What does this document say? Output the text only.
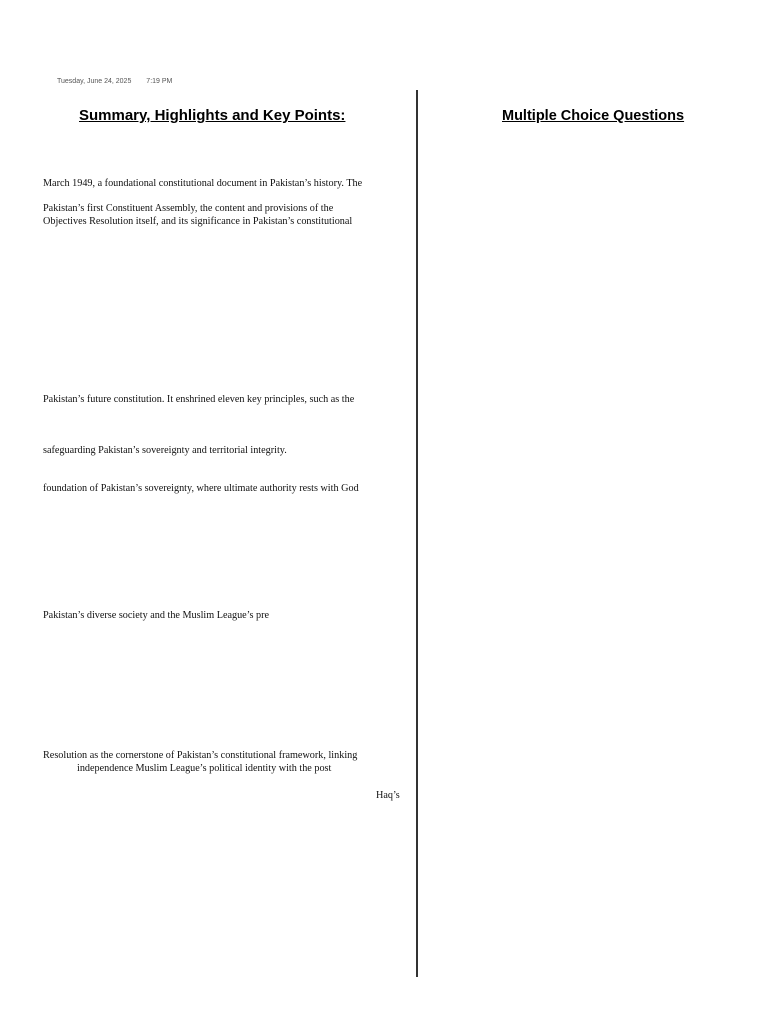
Tuesday, June 24, 2025 7:19 PM
Summary, Highlights and Key Points:	Multiple Choice Questions
March 1949, a foundational constitutional document in Pakistan’s history. The
Pakistan’s first Constituent Assembly, the content and provisions of the
Objectives Resolution itself, and its significance in Pakistan’s constitutional
Pakistan’s future constitution. It enshrined eleven key principles, such as the
safeguarding Pakistan’s sovereignty and territorial integrity.
foundation of Pakistan’s sovereignty, where ultimate authority rests with God
Pakistan’s diverse society and the Muslim League’s pre
Resolution as the cornerstone of Pakistan’s constitutional framework, linking
independence Muslim League’s political identity with the post
Haq’s
